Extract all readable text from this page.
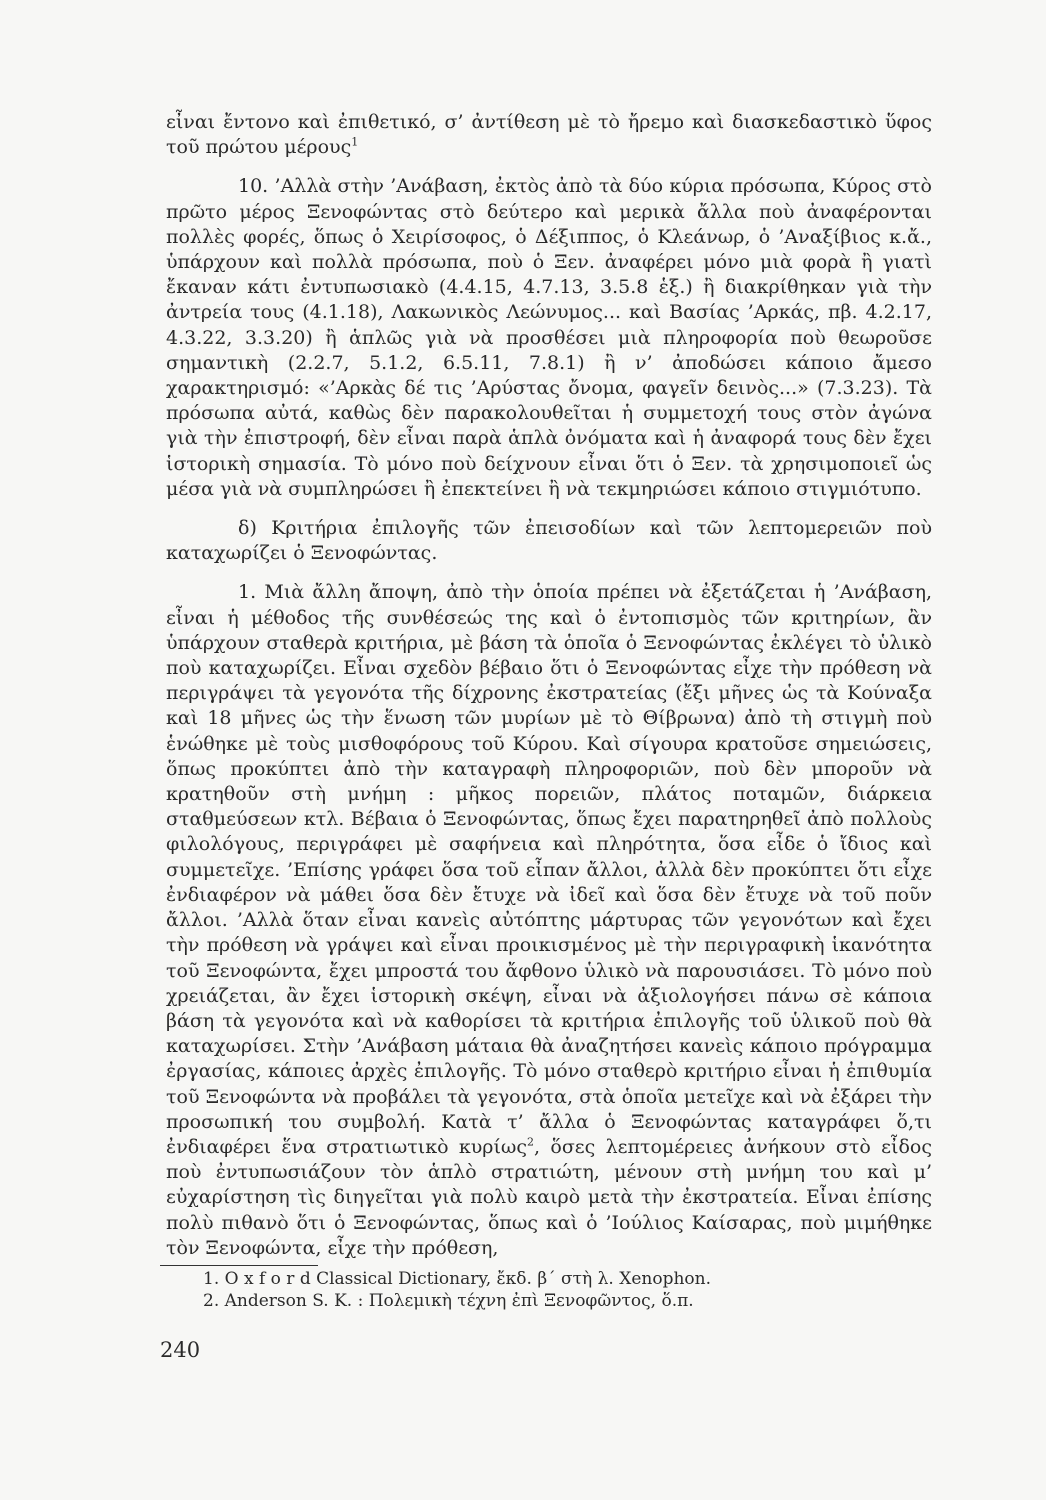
εἶναι ἔντονο καὶ ἐπιθετικό, σ’ ἀντίθεση μὲ τὸ ἤρεμο καὶ διασκεδαστικὸ ὕφος τοῦ πρώτου μέρους$^1$

10. ’Αλλὰ στὴν ’Ανάβαση, ἐκτὸς ἀπὸ τὰ δύο κύρια πρόσωπα, Κύρος στὸ πρῶτο μέρος Ξενοφώντας στὸ δεύτερο καὶ μερικὰ ἄλλα ποὺ ἀναφέρονται πολλὲς φορές, ὅπως ὁ Χειρίσοφος, ὁ Δέξιππος, ὁ Κλεάνωρ, ὁ ’Αναξίβιος κ.ἄ., ὑπάρχουν καὶ πολλὰ πρόσωπα, ποὺ ὁ Ξεν. ἀναφέρει μόνο μιὰ φορὰ ἢ γιατὶ ἔκαναν κάτι ἐντυπωσιακὸ (4.4.15, 4.7.13, 3.5.8 ἑξ.) ἢ διακρίθηκαν γιὰ τὴν ἀντρεία τους (4.1.18), Λακωνικὸς Λεώνυμος... καὶ Βασίας ’Αρκάς, πβ. 4.2.17, 4.3.22, 3.3.20) ἢ ἁπλῶς γιὰ νὰ προσθέσει μιὰ πληροφορία ποὺ θεωροῦσε σημαντικὴ (2.2.7, 5.1.2, 6.5.11, 7.8.1) ἢ ν’ ἀποδώσει κάποιο ἄμεσο χαρακτηρισμό: «’Αρκὰς δέ τις ’Αρύστας ὄνομα, φαγεῖν δεινὸς...» (7.3.23). Τὰ πρόσωπα αὐτά, καθὼς δὲν παρακολουθεῖται ἡ συμμετοχή τους στὸν ἀγώνα γιὰ τὴν ἐπιστροφή, δὲν εἶναι παρὰ ἁπλὰ ὀνόματα καὶ ἡ ἀναφορά τους δὲν ἔχει ἱστορικὴ σημασία. Τὸ μόνο ποὺ δείχνουν εἶναι ὅτι ὁ Ξεν. τὰ χρησιμοποιεῖ ὡς μέσα γιὰ νὰ συμπληρώσει ἢ ἐπεκτείνει ἢ νὰ τεκμηριώσει κάποιο στιγμιότυπο.

δ) Κριτήρια ἐπιλογῆς τῶν ἐπεισοδίων καὶ τῶν λεπτομερειῶν ποὺ καταχωρίζει ὁ Ξενοφώντας.

1. Μιὰ ἄλλη ἄποψη, ἀπὸ τὴν ὁποία πρέπει νὰ ἐξετάζεται ἡ ’Ανάβαση, εἶναι ἡ μέθοδος τῆς συνθέσεώς της καὶ ὁ ἐντοπισμὸς τῶν κριτηρίων, ἂν ὑπάρχουν σταθερὰ κριτήρια, μὲ βάση τὰ ὁποῖα ὁ Ξενοφώντας ἐκλέγει τὸ ὑλικὸ ποὺ καταχωρίζει. Εἶναι σχεδὸν βέβαιο ὅτι ὁ Ξενοφώντας εἶχε τὴν πρόθεση νὰ περιγράψει τὰ γεγονότα τῆς δίχρονης ἐκστρατείας (ἔξι μῆνες ὡς τὰ Κούναξα καὶ 18 μῆνες ὡς τὴν ἕνωση τῶν μυρίων μὲ τὸ Θίβρωνα) ἀπὸ τὴ στιγμὴ ποὺ ἑνώθηκε μὲ τοὺς μισθοφόρους τοῦ Κύρου. Καὶ σίγουρα κρατοῦσε σημειώσεις, ὅπως προκύπτει ἀπὸ τὴν καταγραφὴ πληροφοριῶν, ποὺ δὲν μποροῦν νὰ κρατηθοῦν στὴ μνήμη : μῆκος πορειῶν, πλάτος ποταμῶν, διάρκεια σταθμεύσεων κτλ. Βέβαια ὁ Ξενοφώντας, ὅπως ἔχει παρατηρηθεῖ ἀπὸ πολλοὺς φιλολόγους, περιγράφει μὲ σαφήνεια καὶ πληρότητα, ὅσα εἶδε ὁ ἴδιος καὶ συμμετεῖχε. ’Επίσης γράφει ὅσα τοῦ εἶπαν ἄλλοι, ἀλλὰ δὲν προκύπτει ὅτι εἶχε ἐνδιαφέρον νὰ μάθει ὅσα δὲν ἔτυχε νὰ ἰδεῖ καὶ ὅσα δὲν ἔτυχε νὰ τοῦ ποῦν ἄλλοι. ’Αλλὰ ὅταν εἶναι κανεὶς αὐτόπτης μάρτυρας τῶν γεγονότων καὶ ἔχει τὴν πρόθεση νὰ γράψει καὶ εἶναι προικισμένος μὲ τὴν περιγραφικὴ ἱκανότητα τοῦ Ξενοφώντα, ἔχει μπροστά του ἄφθονο ὑλικὸ νὰ παρουσιάσει. Τὸ μόνο ποὺ χρειάζεται, ἂν ἔχει ἱστορικὴ σκέψη, εἶναι νὰ ἀξιολογήσει πάνω σὲ κάποια βάση τὰ γεγονότα καὶ νὰ καθορίσει τὰ κριτήρια ἐπιλογῆς τοῦ ὑλικοῦ ποὺ θὰ καταχωρίσει. Στὴν ’Ανάβαση μάταια θὰ ἀναζητήσει κανεὶς κάποιο πρόγραμμα ἐργασίας, κάποιες ἀρχὲς ἐπιλογῆς. Τὸ μόνο σταθερὸ κριτήριο εἶναι ἡ ἐπιθυμία τοῦ Ξενοφώντα νὰ προβάλει τὰ γεγονότα, στὰ ὁποῖα μετεῖχε καὶ νὰ ἐξάρει τὴν προσωπική του συμβολή. Κατὰ τ’ ἄλλα ὁ Ξενοφώντας καταγράφει ὅ,τι ἐνδιαφέρει ἕνα στρατιωτικὸ κυρίως$^2$, ὅσες λεπτομέρειες ἀνήκουν στὸ εἶδος ποὺ ἐντυπωσιάζουν τὸν ἁπλὸ στρατιώτη, μένουν στὴ μνήμη του καὶ μ’ εὐχαρίστηση τὶς διηγεῖται γιὰ πολὺ καιρὸ μετὰ τὴν ἐκστρατεία. Εἶναι ἐπίσης πολὺ πιθανὸ ὅτι ὁ Ξενοφώντας, ὅπως καὶ ὁ ’Ιούλιος Καίσαρας, ποὺ μιμήθηκε τὸν Ξενοφώντα, εἶχε τὴν πρόθεση,

1. O x f o r d Classical Dictionary, ἔκδ. β΄ στὴ λ. Xenophon.

2. Anderson S. K. : Πολεμικὴ τέχνη ἐπὶ Ξενοφῶντος, ὅ.π.

240
